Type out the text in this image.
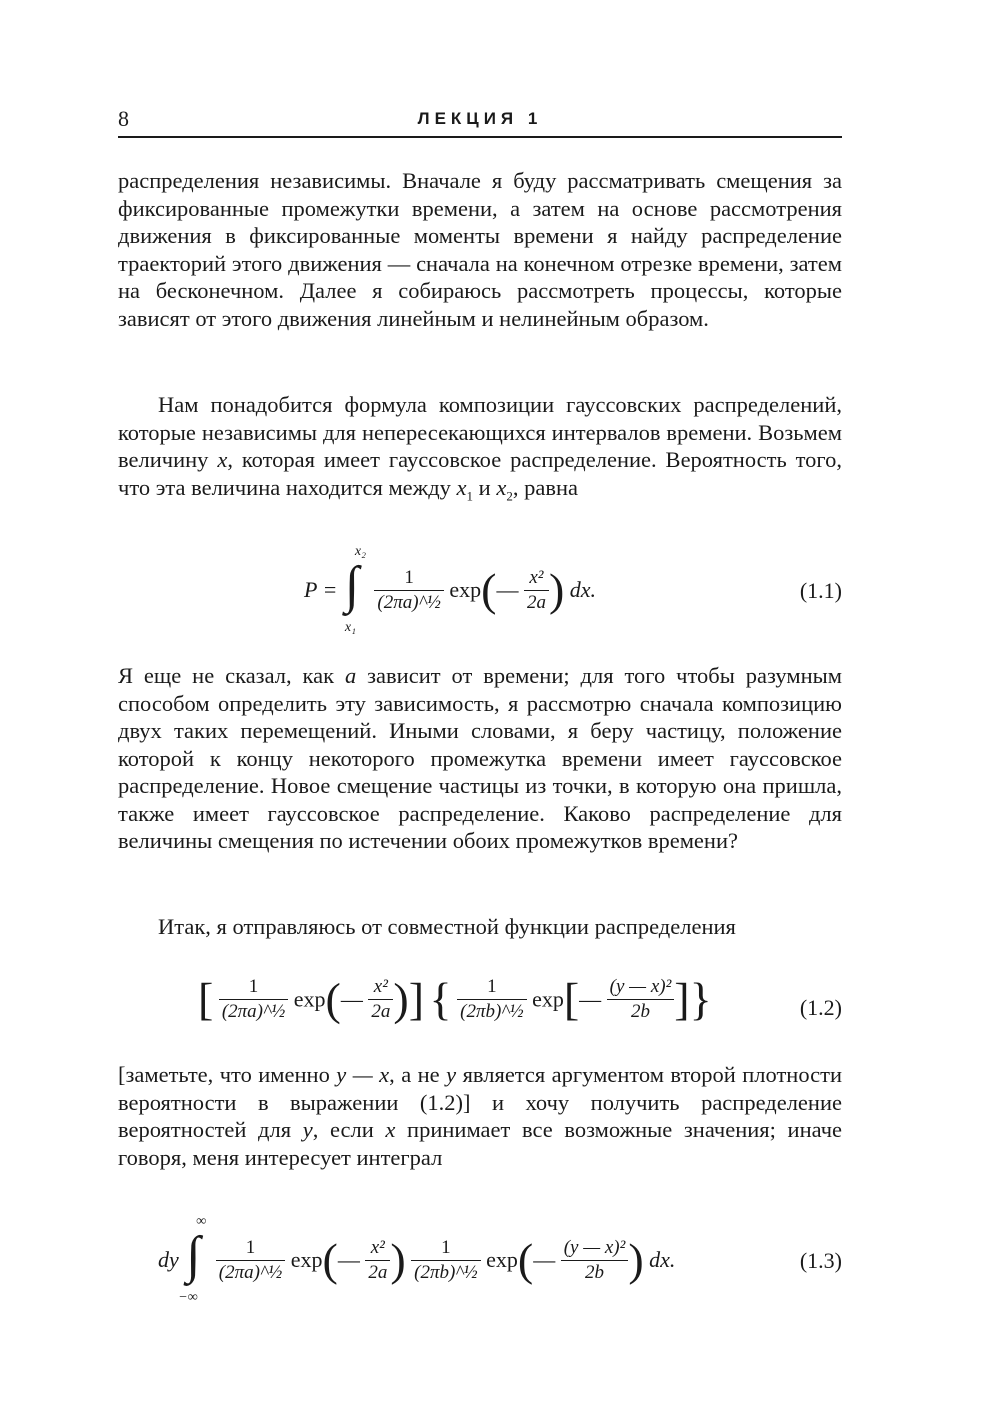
8	ЛЕКЦИЯ 1

распределения независимы. Вначале я буду рассматривать смещения за фиксированные промежутки времени, а затем на основе рассмотрения движения в фиксированные моменты времени я найду распределение траекторий этого движения — сначала на конечном отрезке времени, затем на бесконечном. Далее я собираюсь рассмотреть процессы, которые зависят от этого движения линейным и нелинейным образом.

Нам понадобится формула композиции гауссовских распределений, которые независимы для непересекающихся интервалов времени. Возьмем величину x, которая имеет гауссовское распределение. Вероятность того, что эта величина находится между $x_1$ и $x_2$, равна

P =
x₂
∫
x₁

$\frac{1}{\text{(2πa)\textasciicircum{}½}}$ exp(— $\frac{\text{x²}}{2a}$ ) dx.	(1.1)

Я еще не сказал, как a зависит от времени; для того чтобы разумным способом определить эту зависимость, я рассмотрю сначала композицию двух таких перемещений. Иными словами, я беру частицу, положение которой к концу некоторого промежутка времени имеет гауссовское распределение. Новое смещение частицы из точки, в которую она пришла, также имеет гауссовское распределение. Каково распределение для величины смещения по истечении обоих промежутков времени?

Итак, я отправляюсь от совместной функции распределения

[ $\frac{1}{\text{(2πa)\textasciicircum{}½}}$ exp(— $\frac{\text{x²}}{2a}$ )] { $\frac{1}{\text{(2πb)\textasciicircum{}½}}$ exp[— $\frac{\text{(y — x)²}}{2b}$ ]}	(1.2)

[заметьте, что именно y — x, а не y является аргументом второй плотности вероятности в выражении (1.2)] и хочу получить распределение вероятностей для y, если x принимает все возможные значения; иначе говоря, меня интересует интеграл

dy
∞
∫
−∞

$\frac{1}{\text{(2πa)\textasciicircum{}½}}$ exp(— $\frac{\text{x²}}{2a}$ ) $\frac{1}{\text{(2πb)\textasciicircum{}½}}$ exp(— $\frac{\text{(y — x)²}}{2b}$ ) dx.	(1.3)
